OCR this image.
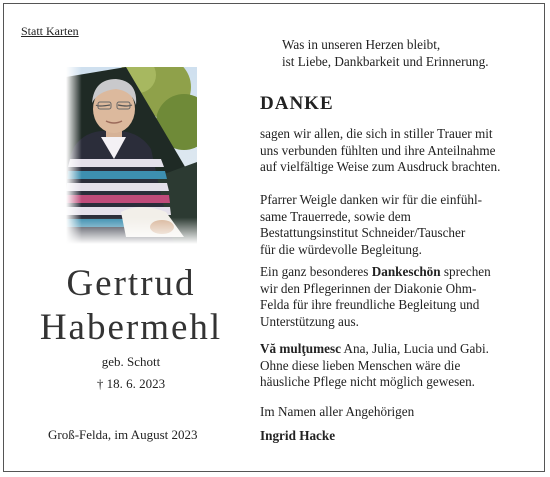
Statt Karten
Gertrud
Habermehl
geb. Schott
† 18. 6. 2023
Groß-Felda, im August 2023
Was in unseren Herzen bleibt,
ist Liebe, Dankbarkeit und Erinnerung.
DANKE
sagen wir allen, die sich in stiller Trauer mit
uns verbunden fühlten und ihre Anteilnahme
auf vielfältige Weise zum Ausdruck brachten.
Pfarrer Weigle danken wir für die einfühl-
same Trauerrede, sowie dem
Bestattungsinstitut Schneider/Tauscher
für die würdevolle Begleitung.
Ein ganz besonderes Dankeschön sprechen
wir den Pflegerinnen der Diakonie Ohm-
Felda für ihre freundliche Begleitung und
Unterstützung aus.
Vă mulţumesc Ana, Julia, Lucia und Gabi.
Ohne diese lieben Menschen wäre die
häusliche Pflege nicht möglich gewesen.
Im Namen aller Angehörigen
Ingrid Hacke
